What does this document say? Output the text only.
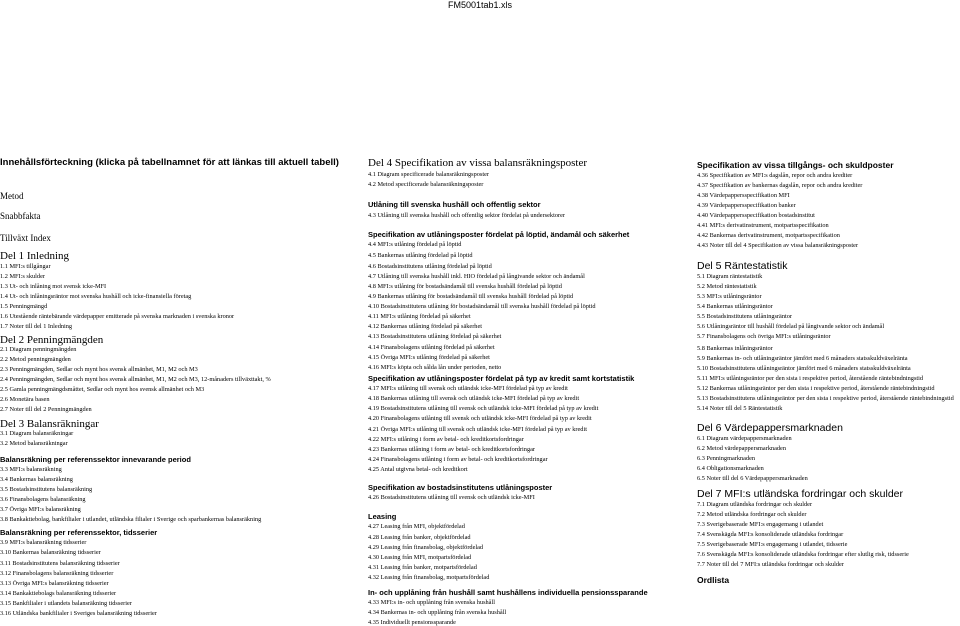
FM5001tab1.xls
Innehållsförteckning (klicka på tabellnamnet för att länkas till aktuell tabell)
Metod
Snabbfakta
Tillväxt Index
Del 1 Inledning
1.1 MFI:s tillgångar
1.2 MFI:s skulder
1.3 Ut- och inlåning mot svensk icke-MFI
1.4 Ut- och inlåningsräntor mot svenska hushåll och icke-finansiella företag
1.5 Penningmängd
1.6 Utestående räntebärande värdepapper emitterade på svenska marknaden i svenska kronor
1.7 Noter till del 1 Inledning
Del 2 Penningmängden
2.1 Diagram penningmängden
2.2 Metod penningmängden
2.3 Penningmängden, Sedlar och mynt hos svensk allmänhet, M1, M2 och M3
2.4 Penningmängden, Sedlar och mynt hos svensk allmänhet, M1, M2 och M3, 12-månaders tillväxttakt, %
2.5 Gamla penningmängdsmåttet, Sedlar och mynt hos svensk allmänhet och M3
2.6 Monetära basen
2.7 Noter till del 2 Penningmängden
Del 3 Balansräkningar
3.1 Diagram balansräkningar
3.2 Metod balansräkningar
Balansräkning per referenssektor innevarande period
3.3 MFI:s balansräkning
3.4 Bankernas balansräkning
3.5 Bostadsinstitutens balansräkning
3.6 Finansbolagens balansräkning
3.7 Övriga MFI:s balansräkning
3.8 Bankaktiebolag, bankfilialer i utlandet, utländska filialer i Sverige och sparbankernas balansräkning
Balansräkning per referenssektor, tidsserier
3.9 MFI:s balansräkning tidsserier
3.10 Bankernas balansräkning tidsserier
3.11 Bostadsinstitutens balansräkning tidsserier
3.12 Finansbolagens balansräkning tidsserier
3.13 Övriga MFI:s balansräkning tidsserier
3.14 Bankaktiebolags balansräkning tidsserier
3.15 Bankfilialer i utlandets balansräkning tidsserier
3.16 Utländska bankfilialer i Sveriges balansräkning tidsserier
Del 4 Specifikation av vissa balansräkningsposter
4.1 Diagram specificerade balansräkningsposter
4.2 Metod specificerade balansräkningsposter
Utlåning till svenska hushåll och offentlig sektor
4.3 Utlåning till svenska hushåll och offentlig sektor fördelat på undersektorer
Specifikation av utlåningsposter fördelat på löptid, ändamål och säkerhet
4.4 MFI:s utlåning fördelad på löptid
4.5 Bankernas utlåning fördelad på löptid
4.6 Bostadsinstitutens utlåning fördelad på löptid
4.7 Utlåning till svenska hushåll inkl. HIO fördelad på långivande sektor och ändamål
4.8 MFI:s utlåning för bostadsändamål till svenska hushåll fördelad på löptid
4.9 Bankernas utlåning för bostadsändamål till svenska hushåll fördelad på löptid
4.10 Bostadsinstitutens utlåning för bostadsändamål till svenska hushåll fördelad på löptid
4.11 MFI:s utlåning fördelad på säkerhet
4.12 Bankernas utlåning fördelad på säkerhet
4.13 Bostadsinstitutens utlåning fördelad på säkerhet
4.14 Finansbolagens utlåning fördelad på säkerhet
4.15 Övriga MFI:s utlåning fördelad på säkerhet
4.16 MFI:s köpta och sålda lån under perioden, netto
Specifikation av utlåningsposter fördelat på typ av kredit samt kortstatistik
4.17 MFI:s utlåning till svensk och utländsk icke-MFI fördelad på typ av kredit
4.18 Bankernas utlåning till svensk och utländsk icke-MFI fördelad på typ av kredit
4.19 Bostadsinstitutens utlåning till svensk och utländsk icke-MFI fördelad på typ av kredit
4.20 Finansbolagens utlåning till svensk och utländsk icke-MFI fördelad på typ av kredit
4.21 Övriga MFI:s utlåning till svensk och utländsk icke-MFI fördelad på typ av kredit
4.22 MFI:s utlåning i form av betal- och kreditkortsfordringar
4.23 Bankernas utlåning i form av betal- och kreditkortsfordringar
4.24 Finansbolagens utlåning i form av betal- och kreditkortsfordringar
4.25 Antal utgivna betal- och kreditkort
Specifikation av bostadsinstitutens utlåningsposter
4.26 Bostadsinstitutens utlåning till svensk och utländsk icke-MFI
Leasing
4.27 Leasing från MFI, objektfördelad
4.28 Leasing från banker, objektfördelad
4.29 Leasing från finansbolag, objektfördelad
4.30 Leasing från MFI, motpartsfördelad
4.31 Leasing från banker, motpartsfördelad
4.32 Leasing från finansbolag, motpartsfördelad
In- och upplåning från hushåll samt hushållens individuella pensionssparande
4.33 MFI:s in- och upplåning från svenska hushåll
4.34 Bankernas in- och upplåning från svenska hushåll
4.35 Individuellt pensionssparande
Specifikation av vissa tillgångs- och skuldposter
4.36 Specifikation av MFI:s dagslån, repor och andra krediter
4.37 Specifikation av bankernas dagslån, repor och andra krediter
4.38 Värdepappersspecifikation MFI
4.39 Värdepappersspecifikation banker
4.40 Värdepappersspecifikation bostadsinstitut
4.41 MFI:s derivatinstrument, motpartsspecifikation
4.42 Bankernas derivatinstrument, motpartsspecifikation
4.43 Noter till del 4 Specifikation av vissa balansräkningsposter
Del 5 Räntestatistik
5.1 Diagram räntestatistik
5.2 Metod räntestatistik
5.3 MFI:s utlåningsräntor
5.4 Bankernas utlåningsräntor
5.5 Bostadsinstitutens utlåningsräntor
5.6 Utlåningsräntor till hushåll fördelad på långivande sektor och ändamål
5.7 Finansbolagens och övriga MFI:s utlåningsräntor
5.8 Bankernas inlåningsräntor
5.9 Bankernas in- och utlåningsräntor jämfört med 6 månaders statsskuldväxelränta
5.10 Bostadsinstitutens utlåningsräntor jämfört med 6 månaders statsskuldväxelränta
5.11 MFI:s utlåningsräntor per den sista i respektive period, återstående räntebindningstid
5.12 Bankernas utlåningsräntor per den sista i respektive period, återstående räntebindningstid
5.13 Bostadsinstitutens utlåningsräntor per den sista i respektive period, återstående räntebindningstid
5.14 Noter till del 5 Räntestatistik
Del 6 Värdepappersmarknaden
6.1 Diagram värdepappersmarknaden
6.2 Metod värdepappersmarknaden
6.3 Penningmarknaden
6.4 Obligationsmarknaden
6.5 Noter till del 6 Värdepappersmarknaden
Del 7 MFI:s utländska fordringar och skulder
7.1 Diagram utländska fordringar och skulder
7.2 Metod utländska fordringar och skulder
7.3 Sverigebaserade MFI:s engagemang i utlandet
7.4 Svenskägda MFI:s konsoliderade utländska fordringar
7.5 Sverigebaserade MFI:s engagemang i utlandet, tidsserie
7.6 Svenskägda MFI:s konsoliderade utländska fordringar efter slutlig risk, tidsserie
7.7 Noter till del 7 MFI:s utländska fordringar och skulder
Ordlista
